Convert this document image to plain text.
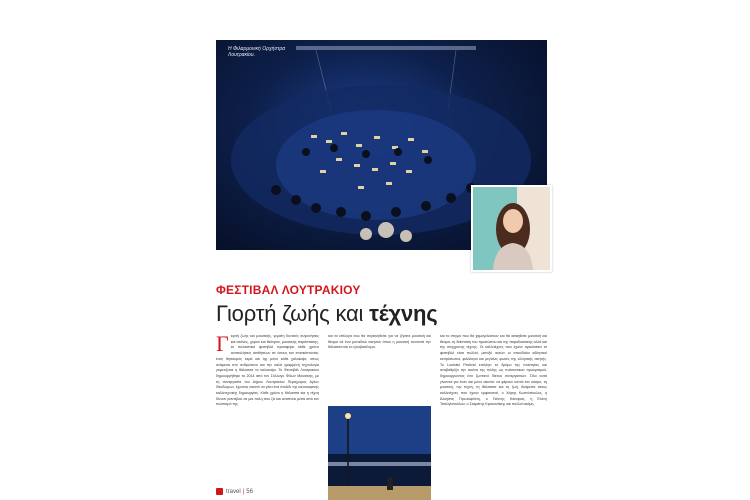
Η Φιλαρμονική Ορχήστρα Λουτρακίου.
ΦΕΣΤΙΒΑΛ ΛΟΥΤΡΑΚΙΟΥ
Γιορτή ζωής και τέχνης
Γ ιορτή ζωής και μουσικής, γεμάτη δυνατές συγκινήσεις και εικόνες, χορού και θεάτρου, μουσικής παράστασης, το πολιτιστικό φεστιβάλ προσφέρει κάθε χρόνο αναπολήσεις αισθήσεων σε όσους τον επισκέπτονται, ένας θησαυρός κερά και όχι μόνο κάθε χαλοκαίρι, οπως ανάμεσα στο ανθρώπινο και την καλά γραμμένη τεχνολογία γαμετιζεται η θάλασσα το καλοκαίρι. Το Φεστιβάλ Λουτρακίου δημιουργήθηκε το 2014 από τον Σύλλογο Φίλων Μουσικής, με τη συνεργασία του Δήμου Λουτρακίου Περαχώρας Αγίων Θεοδώρων, έχοντας σκοπό να γίνει ένα στολίδι της καλοκαιρινής καλλιτεχνικής δημιουργίας. Κάθε χρόνο η θάλασσα και η τέχνη δίνουν ραντεβού σε μια πόλη που ζει και αναπνέει μέσα από τον πολιτισμό της.
και τα επίλογα σου θα συγκινηθείτε για να ζήσετε μουσική και θέαμα σε ένα μοναδικό σκηνικό όπου η μουσική συναντά την θάλασσα και το ηλιοβασίλεμα.
και το στιγμό που θα χαμογελάσουν και θα ασκηθείτε μουσική και θέαμα, τη διάσταση του προσώπου και της παραδοσιακής αλλά και της σύγχρονης τέχνης. Οι καλλιτέχνες που έχουν αγκαλιάσει το φεστιβάλ είναι πολλοί, μεταξύ αυτών οι σπουδαίοι αθλητικοί εκπρόσωποι, φιλόλογοι και μεγάλες φωνές της ελληνικής σκηνής. Το Loutraki Festival επιλέγει το δρόμο της ποιότητας και αναβαθμίζει την εικόνα της πόλης ως πολιτιστικού προορισμού, δημιουργώντας ένα ζωντανό δίκτυο συνεργασιών. Όλα αυτά γίνονται για έναν και μόνο σκοπό: να φέρουν κοντά τον κόσμο, τη μουσική, την τέχνη, τη θάλασσα και τη ζωή. Ανάμεσα στους καλλιτέχνες που έχουν εμφανιστεί, ο Χάρης Κωστόπουλος, η Άλκηστις Πρωτοψάλτη, ο Γιάννης Κότσιρας, η Ελένη Τσαλιγοπούλου, ο Σταμάτης Κραουνάκης και πολλοί ακόμη.
travel | 56
